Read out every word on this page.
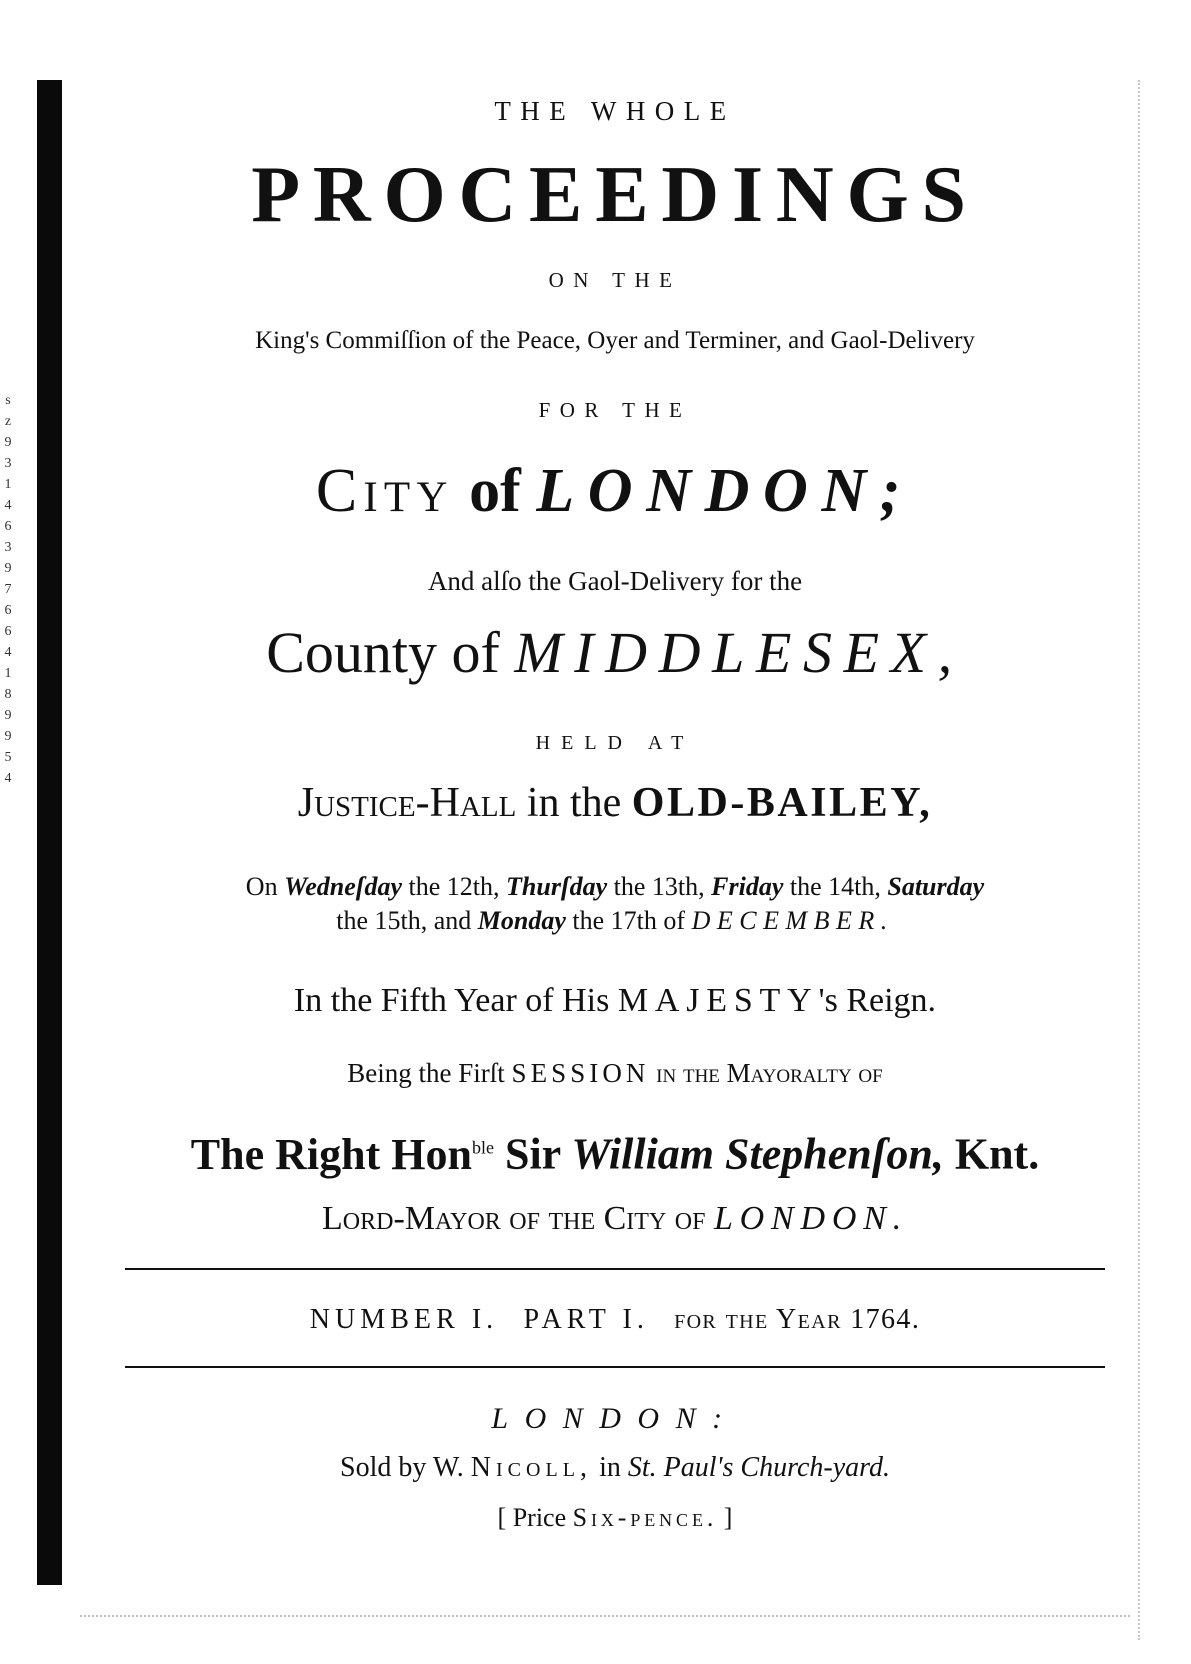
s
z
9
3
1
4
6
3
9
7
6
6
4
1
8
9
9
5
4

THE WHOLE

PROCEEDINGS

ON THE

King's Commiſſion of the Peace, Oyer and Terminer, and Gaol-Delivery

FOR THE

City of LONDON;

And alſo the Gaol-Delivery for the

County of MIDDLESEX,

HELD AT

Justice-Hall in the OLD-BAILEY,

On Wedneſday the 12th, Thurſday the 13th, Friday the 14th, Saturday
the 15th, and Monday the 17th of DECEMBER.

In the Fifth Year of His MAJESTY's Reign.

Being the Firſt SESSION in the Mayoralty of

The Right Hon$^{ble}$ Sir William Stephenſon, Knt.

Lord-Mayor of the City of LONDON.

NUMBER I. PART I. for the Year 1764.

LONDON:

Sold by W. Nicoll, in St. Paul's Church-yard.

[ Price Six-pence. ]
